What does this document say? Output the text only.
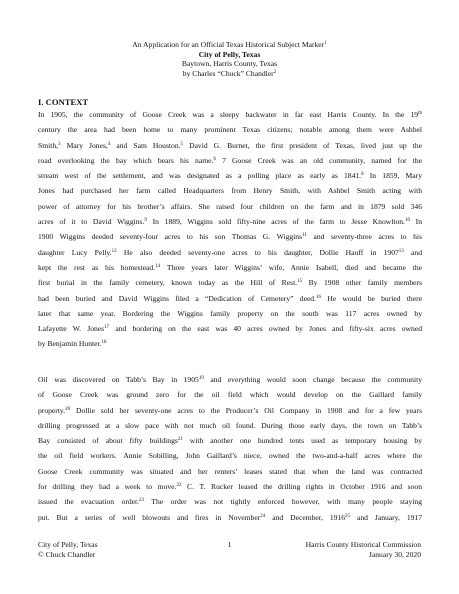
An Application for an Official Texas Historical Subject Marker$^1$
City of Pelly, Texas
Baytown, Harris County, Texas
by Charles “Chuck” Chandler$^2$
I. CONTEXT
In 1905, the community of Goose Creek was a sleepy backwater in far east Harris County. In the 19th
century the area had been home to many prominent Texas citizens; notable among them were Ashbel
Smith,$^3$ Mary Jones,$^4$ and Sam Houston.$^5$ David G. Burnet, the first president of Texas, lived just up the
road overlooking the bay which bears his name.$^6$ 7 Goose Creek was an old community, named for the
stream west of the settlement, and was designated as a polling place as early as 1841.$^8$ In 1859, Mary
Jones had purchased her farm called Headquarters from Henry Smith, with Ashbel Smith acting with
power of attorney for his brother’s affairs. She raised four children on the farm and in 1879 sold 346
acres of it to David Wiggins.$^9$ In 1889, Wiggins sold fifty-nine acres of the farm to Jesse Knowlton.$^{10}$ In
1900 Wiggins deeded seventy-four acres to his son Thomas G. Wiggins$^{11}$ and seventy-three acres to his
daughter Lucy Pelly.$^{12}$ He also deeded seventy-one acres to his daughter, Dollie Hauff in 1907$^{13}$ and
kept the rest as his homestead.$^{14}$ Three years later Wiggins’ wife, Annie Isabell, died and became the
first burial in the family cemetery, known today as the Hill of Rest.$^{15}$ By 1908 other family members
had been buried and David Wiggins filed a “Dedication of Cemetery” deed.$^{16}$ He would be buried there
later that same year. Bordering the Wiggins family property on the south was 117 acres owned by
Lafayette W. Jones$^{17}$ and bordering on the east was 40 acres owned by Jones and fifty-six acres owned
by Benjamin Hunter.$^{18}$
Oil was discovered on Tabb’s Bay in 1905$^{19}$ and everything would soon change because the community
of Goose Creek was ground zero for the oil field which would develop on the Gaillard family
property.$^{20}$ Dollie sold her seventy-one acres to the Producer’s Oil Company in 1908 and for a few years
drilling progressed at a slow pace with not much oil found. During those early days, the town on Tabb’s
Bay consisted of about fifty buildings$^{21}$ with another one hundred tents used as temporary housing by
the oil field workers. Annie Sobilling, John Gaillard’s niece, owned the two-and-a-half acres where the
Goose Creek community was situated and her renters’ leases stated that when the land was contracted
for drilling they had a week to move.$^{22}$ C. T. Rucker leased the drilling rights in October 1916 and soon
issued the evacuation order.$^{23}$ The order was not tightly enforced however, with many people staying
put. But a series of well blowouts and fires in November$^{24}$ and December, 1916$^{25}$ and January, 1917
City of Pelly, Texas
© Chuck Chandler
1	Harris County Historical Commission
January 30, 2020
